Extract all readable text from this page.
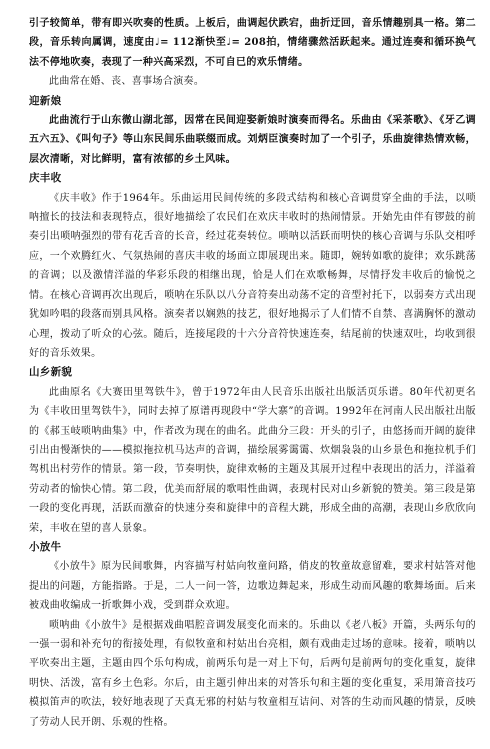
引子较简单，带有即兴吹奏的性质。上板后，曲调起伏跌宕，曲折迂回，音乐情趣别具一格。第二段，音乐转向属调，速度由♩= 112渐快至♩= 208拍，情绪骤然活跃起来。通过连奏和循环换气法不停地吹奏，表现了一种兴高采烈，不可自已的欢乐情绪。

此曲常在婚、丧、喜事场合演奏。

迎新娘

此曲流行于山东微山湖北部，因常在民间迎娶新娘时演奏而得名。乐曲由《采茶歌》、《牙乙调五六五》、《叫句子》等山东民间乐曲联缀而成。刘炳臣演奏时加了一个引子，乐曲旋律热情欢畅，层次清晰，对比鲜明，富有浓郁的乡土风味。

庆丰收

《庆丰收》作于1964年。乐曲运用民间传统的多段式结构和核心音调贯穿全曲的手法，以唢呐擅长的技法和表现特点，很好地描绘了农民们在欢庆丰收时的热闹情景。开始先由伴有锣鼓的前奏引出唢呐强烈的带有花舌音的长音，经过花奏转位。唢呐以活跃而明快的核心音调与乐队交相呼应，一个欢腾红火、气氛热闹的喜庆丰收的场面立即展现出来。随即，婉转如歌的旋律；欢乐跳荡的音调；以及激情洋溢的华彩乐段的相继出现，恰是人们在欢歌畅舞，尽情抒发丰收后的愉悦之情。在核心音调再次出现后，唢呐在乐队以八分音符奏出动荡不定的音型衬托下，以弱奏方式出现犹如吟唱的段落而别具风格。演奏者以娴熟的技艺，很好地揭示了人们情不自禁、喜满胸怀的激动心理，拨动了听众的心弦。随后，连接尾段的十六分音符快速连奏，结尾前的快速双吐，均收到很好的音乐效果。

山乡新貌

此曲原名《大赛田里驾铁牛》，曾于1972年由人民音乐出版社出版活页乐谱。80年代初更名为《丰收田里驾铁牛》，同时去掉了原谱再现段中“学大寨”的音调。1992年在河南人民出版社出版的《郝玉岐唢呐曲集》中，作者改为现在的曲名。此曲分三段：开头的引子，由悠扬而开阔的旋律引出由慢渐快的——模拟拖拉机马达声的音调，描绘展雾霭霭、炊烟袅袅的山乡景色和拖拉机手们驾机出村劳作的情景。第一段，节奏明快，旋律欢畅的主题及其展开过程中表现出的活力，洋溢着劳动者的愉快心情。第二段，优美而舒展的歌唱性曲调，表现村民对山乡新貌的赞美。第三段是第一段的变化再现，活跃而激奋的快速分奏和旋律中的音程大跳，形成全曲的高潮，表现山乡欣欣向荣，丰收在望的喜人景象。

小放牛

《小放牛》原为民间歌舞，内容描写村姑向牧童问路，俏皮的牧童故意留难，要求村姑答对他提出的问题，方能指路。于是，二人一问一答，边歌边舞起来，形成生动而风趣的歌舞场面。后来被戏曲收编成一折歌舞小戏，受到群众欢迎。

唢呐曲《小放牛》是根据戏曲唱腔音调发展变化而来的。乐曲以《老八板》开篇，头两乐句的一强一弱和补充句的衔接处理，有似牧童和村姑出台亮相，颇有戏曲走过场的意味。接着，唢呐以平吹奏出主题，主题由四个乐句构成，前两乐句是一对上下句，后两句是前两句的变化重复，旋律明快、活泼，富有乡土色彩。尔后，由主题引伸出来的对答乐句和主题的变化重复，采用箫音技巧模拟笛声的吹法，较好地表现了天真无邪的村姑与牧童相互诘问、对答的生动而风趣的情景，反映了劳动人民开朗、乐观的性格。
